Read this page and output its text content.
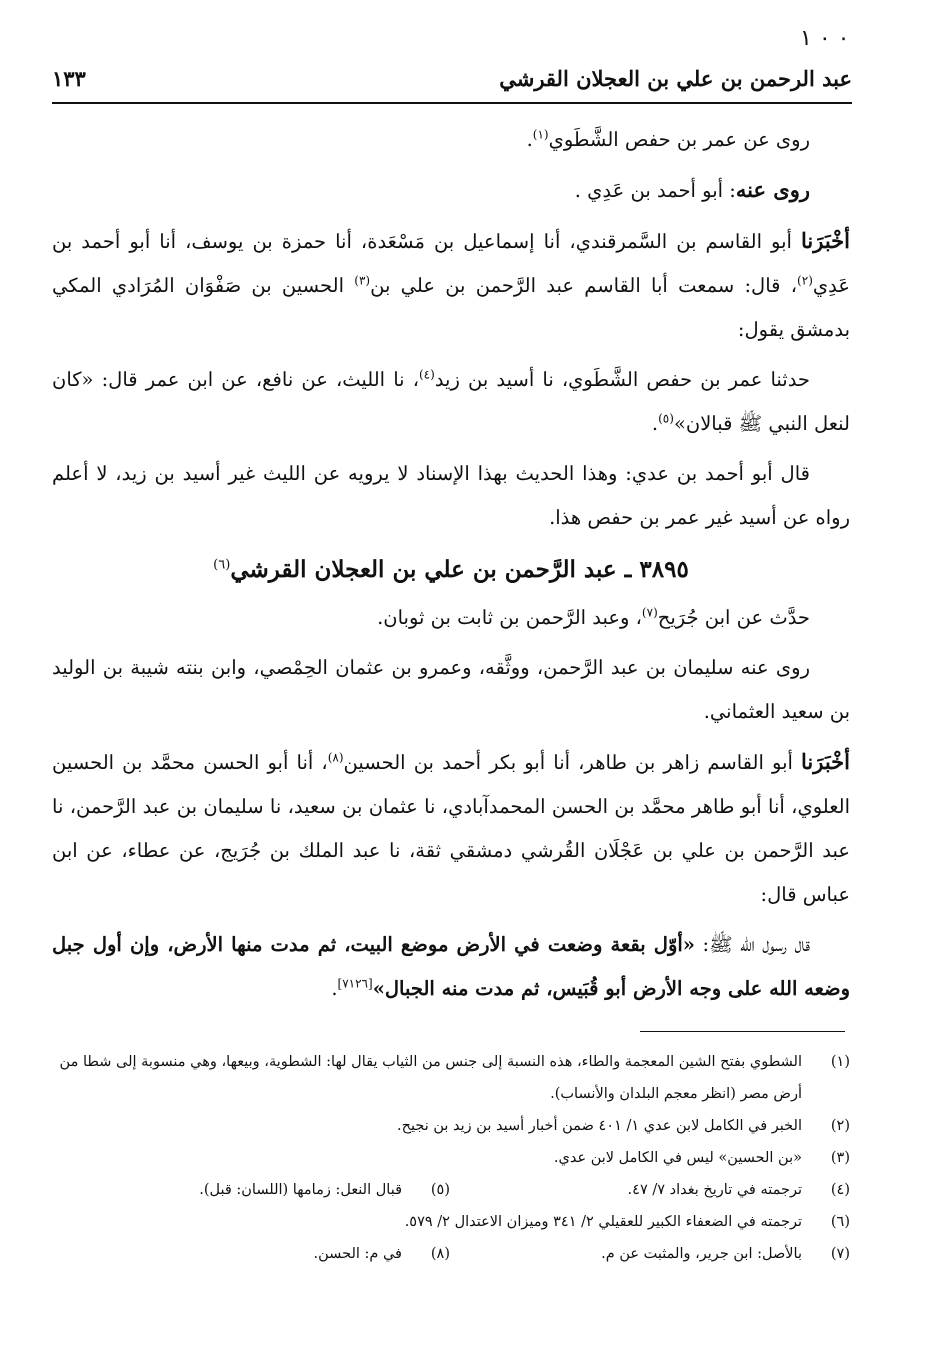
٠ ٠ ١
عبد الرحمن بن علي بن العجلان القرشي
١٣٣

روى عن عمر بن حفص الشَّطَوي$^{(١)}$.

روى عنه: أبو أحمد بن عَدِي .

أخْبَرَنا أبو القاسم بن السَّمرقندي، أنا إسماعيل بن مَسْعَدة، أنا حمزة بن يوسف، أنا أبو أحمد بن عَدِي$^{(٢)}$، قال: سمعت أبا القاسم عبد الرَّحمن بن علي بن$^{(٣)}$ الحسين بن صَفْوَان المُرَادي المكي بدمشق يقول:

حدثنا عمر بن حفص الشَّطَوي، نا أسيد بن زيد$^{(٤)}$، نا الليث، عن نافع، عن ابن عمر قال: «كان لنعل النبي ﷺ قبالان»$^{(٥)}$.

قال أبو أحمد بن عدي: وهذا الحديث بهذا الإسناد لا يرويه عن الليث غير أسيد بن زيد، لا أعلم رواه عن أسيد غير عمر بن حفص هذا.

٣٨٩٥ ـ عبد الرَّحمن بن علي بن العجلان القرشي$^{(٦)}$

حدَّث عن ابن جُرَيح$^{(٧)}$، وعبد الرَّحمن بن ثابت بن ثوبان.

روى عنه سليمان بن عبد الرَّحمن، ووثَّقه، وعمرو بن عثمان الحِمْصي، وابن بنته شيبة بن الوليد بن سعيد العثماني.

أخْبَرَنا أبو القاسم زاهر بن طاهر، أنا أبو بكر أحمد بن الحسين$^{(٨)}$، أنا أبو الحسن محمَّد بن الحسين العلوي، أنا أبو طاهر محمَّد بن الحسن المحمدآبادي، نا عثمان بن سعيد، نا سليمان بن عبد الرَّحمن، نا عبد الرَّحمن بن علي بن عَجْلَان القُرشي دمشقي ثقة، نا عبد الملك بن جُرَيج، عن عطاء، عن ابن عباس قال:

قال رسول الله ﷺ: «أوّل بقعة وضعت في الأرض موضع البيت، ثم مدت منها الأرض، وإن أول جبل وضعه الله على وجه الأرض أبو قُبَيس، ثم مدت منه الجبال»[٧١٢٦].

(١)
الشطوي بفتح الشين المعجمة والطاء، هذه النسبة إلى جنس من الثياب يقال لها: الشطوية، وبيعها، وهي منسوبة إلى شطا من أرض مصر (انظر معجم البلدان والأنساب).
(٢)
الخبر في الكامل لابن عدي ١/ ٤٠١ ضمن أخبار أسيد بن زيد بن نجيح.
(٣)
«بن الحسين» ليس في الكامل لابن عدي.
(٤)
ترجمته في تاريخ بغداد ٧/ ٤٧.
(٥)
قبال النعل: زمامها (اللسان: قبل).
(٦)
ترجمته في الضعفاء الكبير للعقيلي ٢/ ٣٤١ وميزان الاعتدال ٢/ ٥٧٩.
(٧)
بالأصل: ابن جرير، والمثبت عن م.
(٨)
في م: الحسن.
